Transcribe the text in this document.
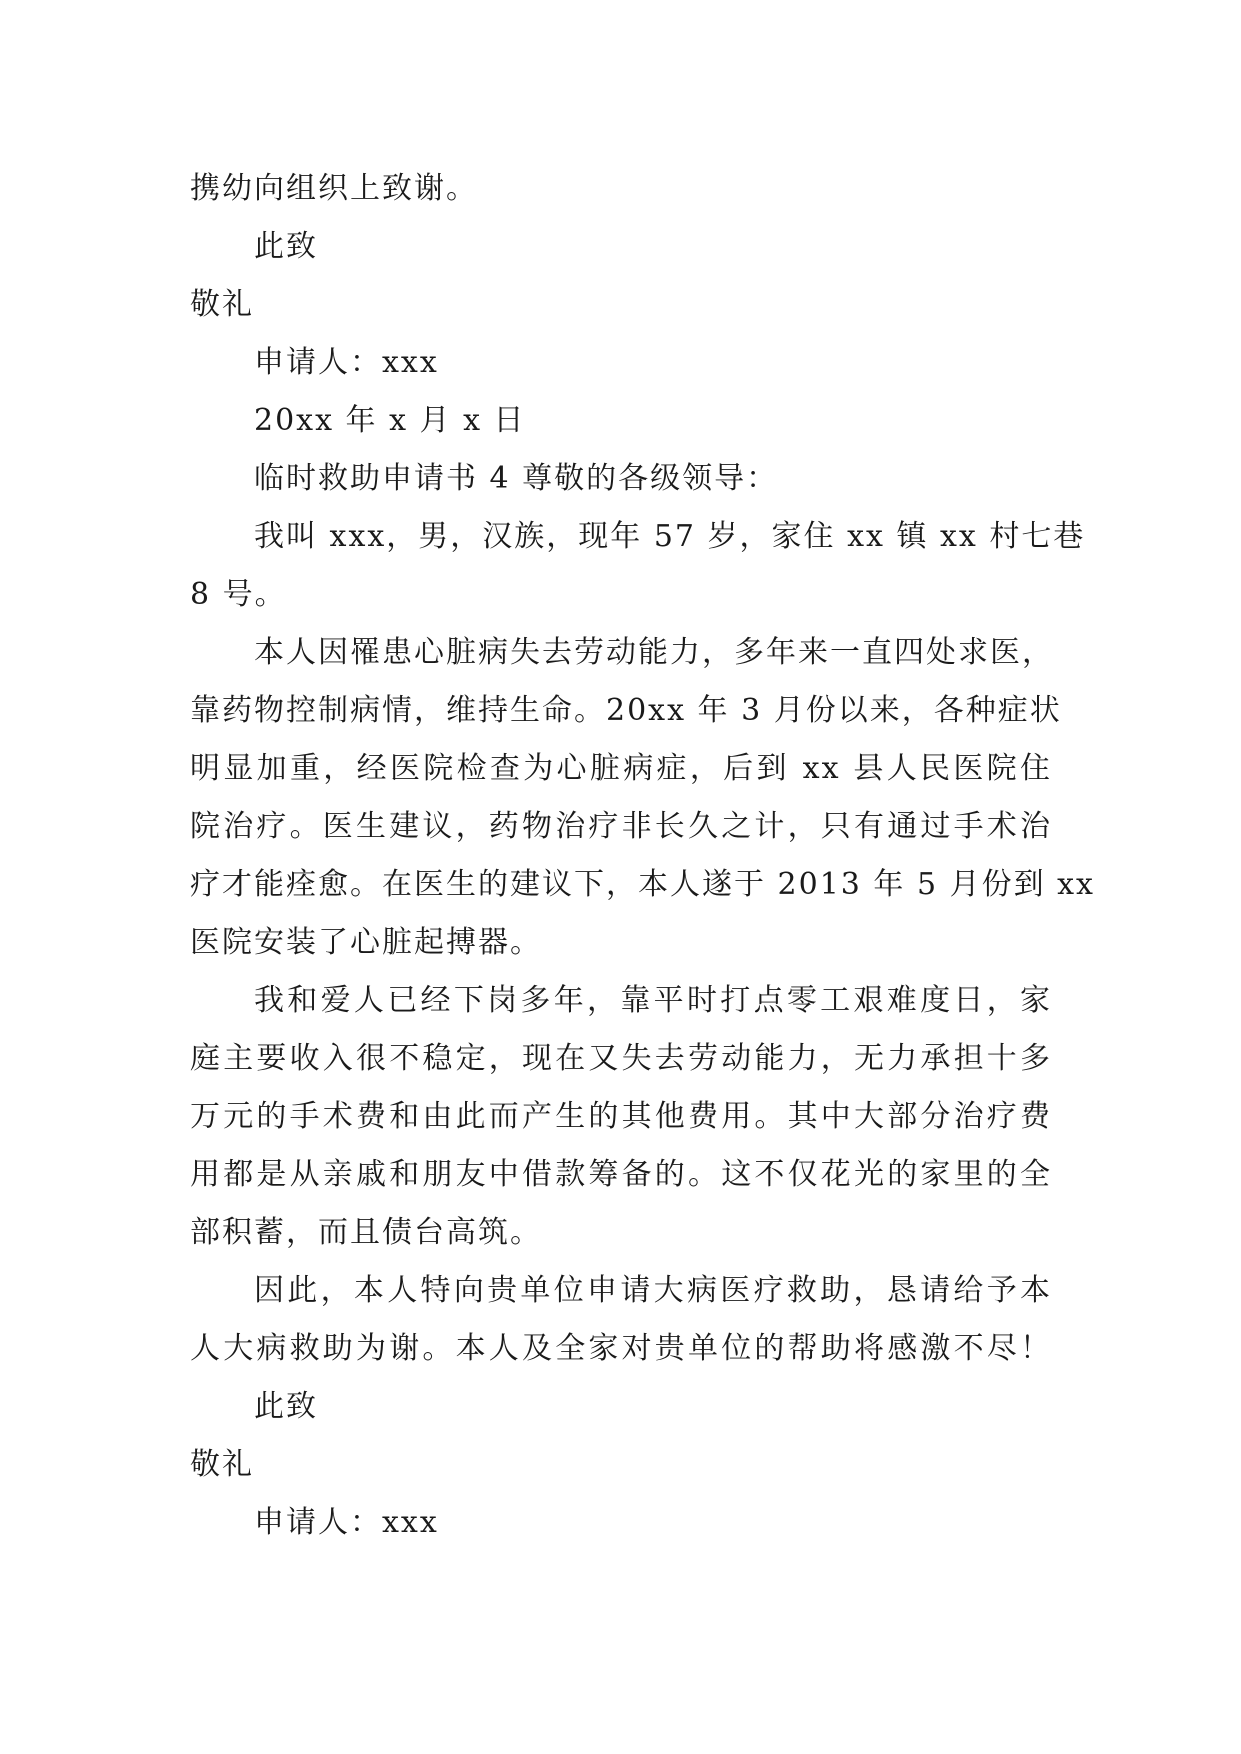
携幼向组织上致谢。
此致
敬礼
申请人：xxx
20xx 年 x 月 x 日
临时救助申请书 4 尊敬的各级领导：
我叫 xxx，男，汉族，现年 57 岁，家住 xx 镇 xx 村七巷
8 号。
本人因罹患心脏病失去劳动能力，多年来一直四处求医，
靠药物控制病情，维持生命。20xx 年 3 月份以来，各种症状
明显加重，经医院检查为心脏病症，后到 xx 县人民医院住
院治疗。医生建议，药物治疗非长久之计，只有通过手术治
疗才能痊愈。在医生的建议下，本人遂于 2013 年 5 月份到 xx
医院安装了心脏起搏器。
我和爱人已经下岗多年，靠平时打点零工艰难度日，家
庭主要收入很不稳定，现在又失去劳动能力，无力承担十多
万元的手术费和由此而产生的其他费用。其中大部分治疗费
用都是从亲戚和朋友中借款筹备的。这不仅花光的家里的全
部积蓄，而且债台高筑。
因此，本人特向贵单位申请大病医疗救助，恳请给予本
人大病救助为谢。本人及全家对贵单位的帮助将感激不尽！
此致
敬礼
申请人：xxx
